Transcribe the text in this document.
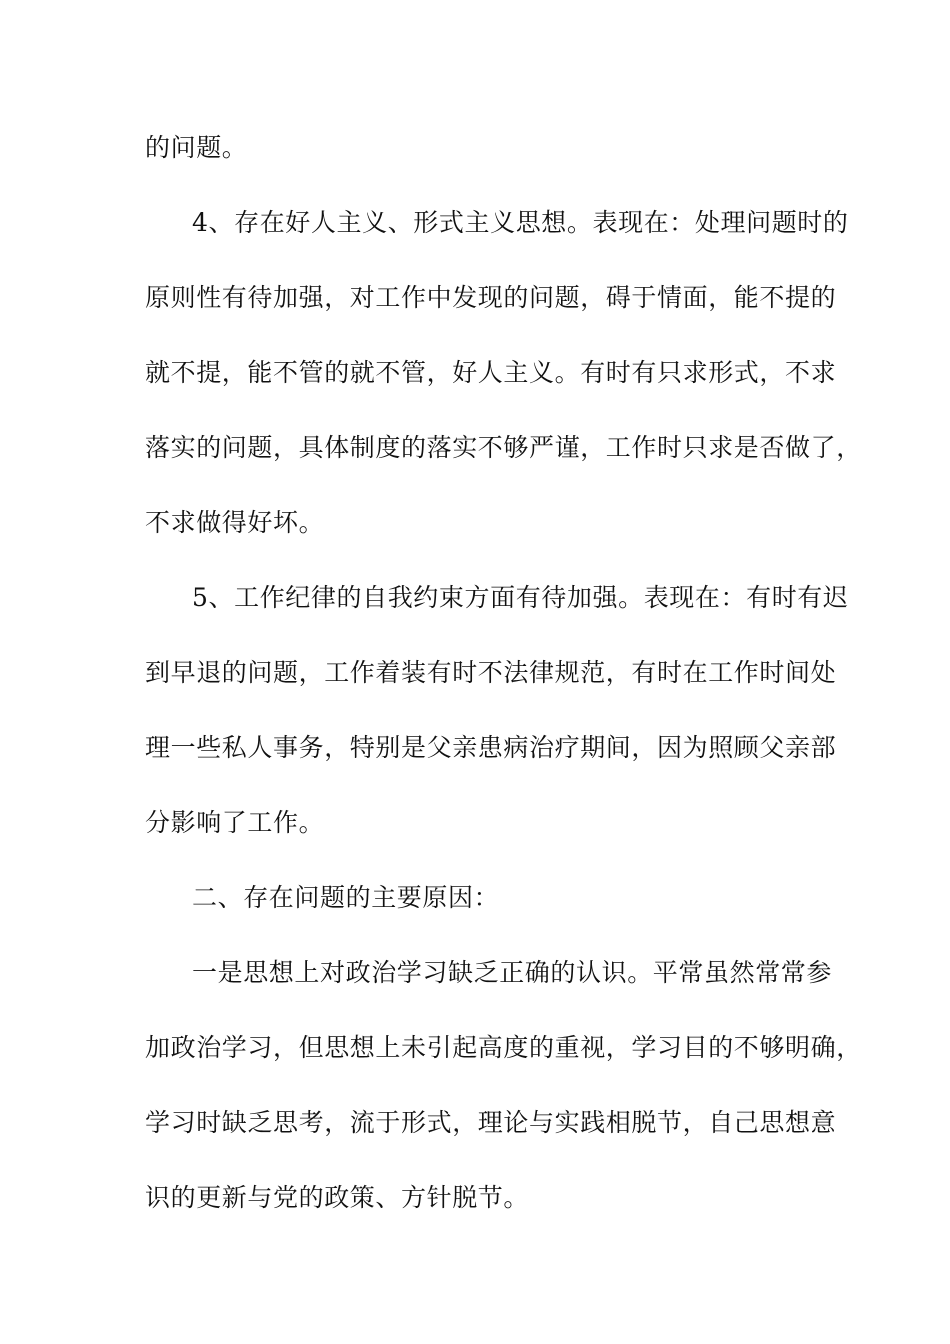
的问题。
4、存在好人主义、形式主义思想。表现在：处理问题时的
原则性有待加强，对工作中发现的问题，碍于情面，能不提的
就不提，能不管的就不管，好人主义。有时有只求形式，不求
落实的问题，具体制度的落实不够严谨，工作时只求是否做了，
不求做得好坏。
5、工作纪律的自我约束方面有待加强。表现在：有时有迟
到早退的问题，工作着装有时不法律规范，有时在工作时间处
理一些私人事务，特别是父亲患病治疗期间，因为照顾父亲部
分影响了工作。
二、存在问题的主要原因：
一是思想上对政治学习缺乏正确的认识。平常虽然常常参
加政治学习，但思想上未引起高度的重视，学习目的不够明确，
学习时缺乏思考，流于形式，理论与实践相脱节，自己思想意
识的更新与党的政策、方针脱节。
